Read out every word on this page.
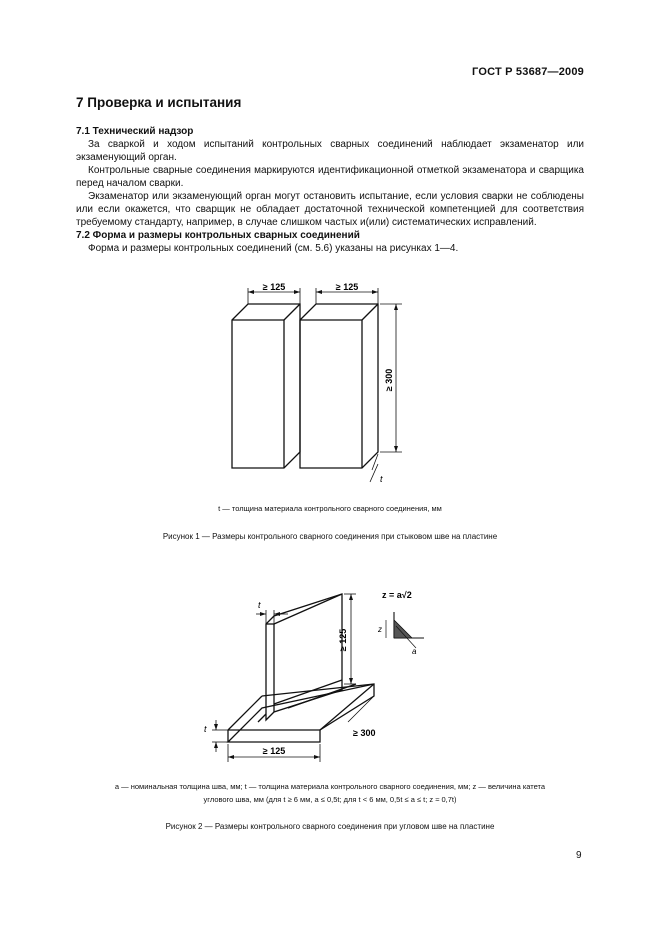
ГОСТ Р 53687—2009
7 Проверка и испытания
7.1 Технический надзор

За сваркой и ходом испытаний контрольных сварных соединений наблюдает экзаменатор или экзаменующий орган.

Контрольные сварные соединения маркируются идентификационной отметкой экзаменатора и сварщика перед началом сварки.

Экзаменатор или экзаменующий орган могут остановить испытание, если условия сварки не соблюдены или если окажется, что сварщик не обладает достаточной технической компетенцией для соответствия требуемому стандарту, например, в случае слишком частых и(или) систематических исправлений.

7.2 Форма и размеры контрольных сварных соединений

Форма и размеры контрольных соединений (см. 5.6) указаны на рисунках 1—4.

≥ 125	≥ 125
≥ 300
t
t — толщина материала контрольного сварного соединения, мм
Рисунок 1 — Размеры контрольного сварного соединения при стыковом шве на пластине
t
t
≥ 125
≥ 125
≥ 300
z = a√2
z
a
a — номинальная толщина шва, мм; t — толщина материала контрольного сварного соединения, мм; z — величина катета
углового шва, мм (для t ≥ 6 мм, a ≤ 0,5t; для t < 6 мм, 0,5t ≤ a ≤ t; z ≈ 0,7t)
Рисунок 2 — Размеры контрольного сварного соединения при угловом шве на пластине
9
